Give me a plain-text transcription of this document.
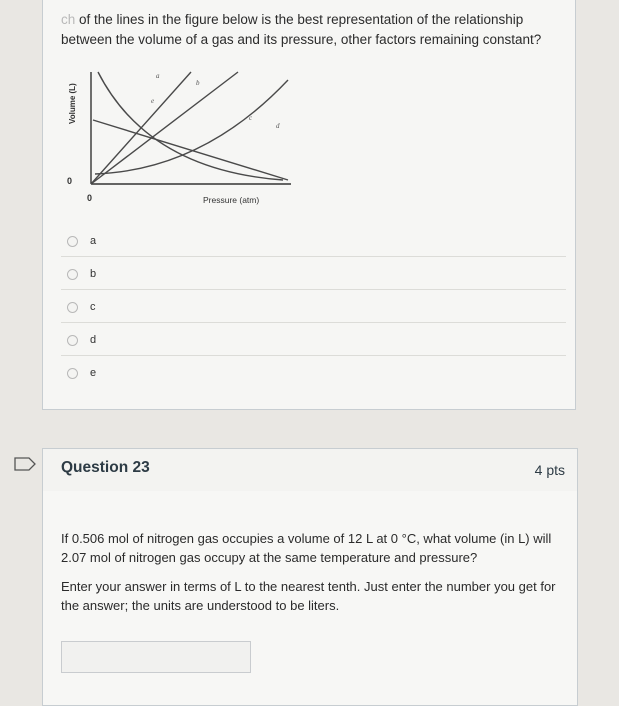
ch of the lines in the figure below is the best representation of the relationship between the volume of a gas and its pressure, other factors remaining constant?

a
b
c
d
e
Volume (L)
0
0	Pressure (atm)
a
b
c
d
e
Question 23	4 pts

If 0.506 mol of nitrogen gas occupies a volume of 12 L at 0 °C, what volume (in L) will 2.07 mol of nitrogen gas occupy at the same temperature and pressure?

Enter your answer in terms of L to the nearest tenth. Just enter the number you get for the answer; the units are understood to be liters.
